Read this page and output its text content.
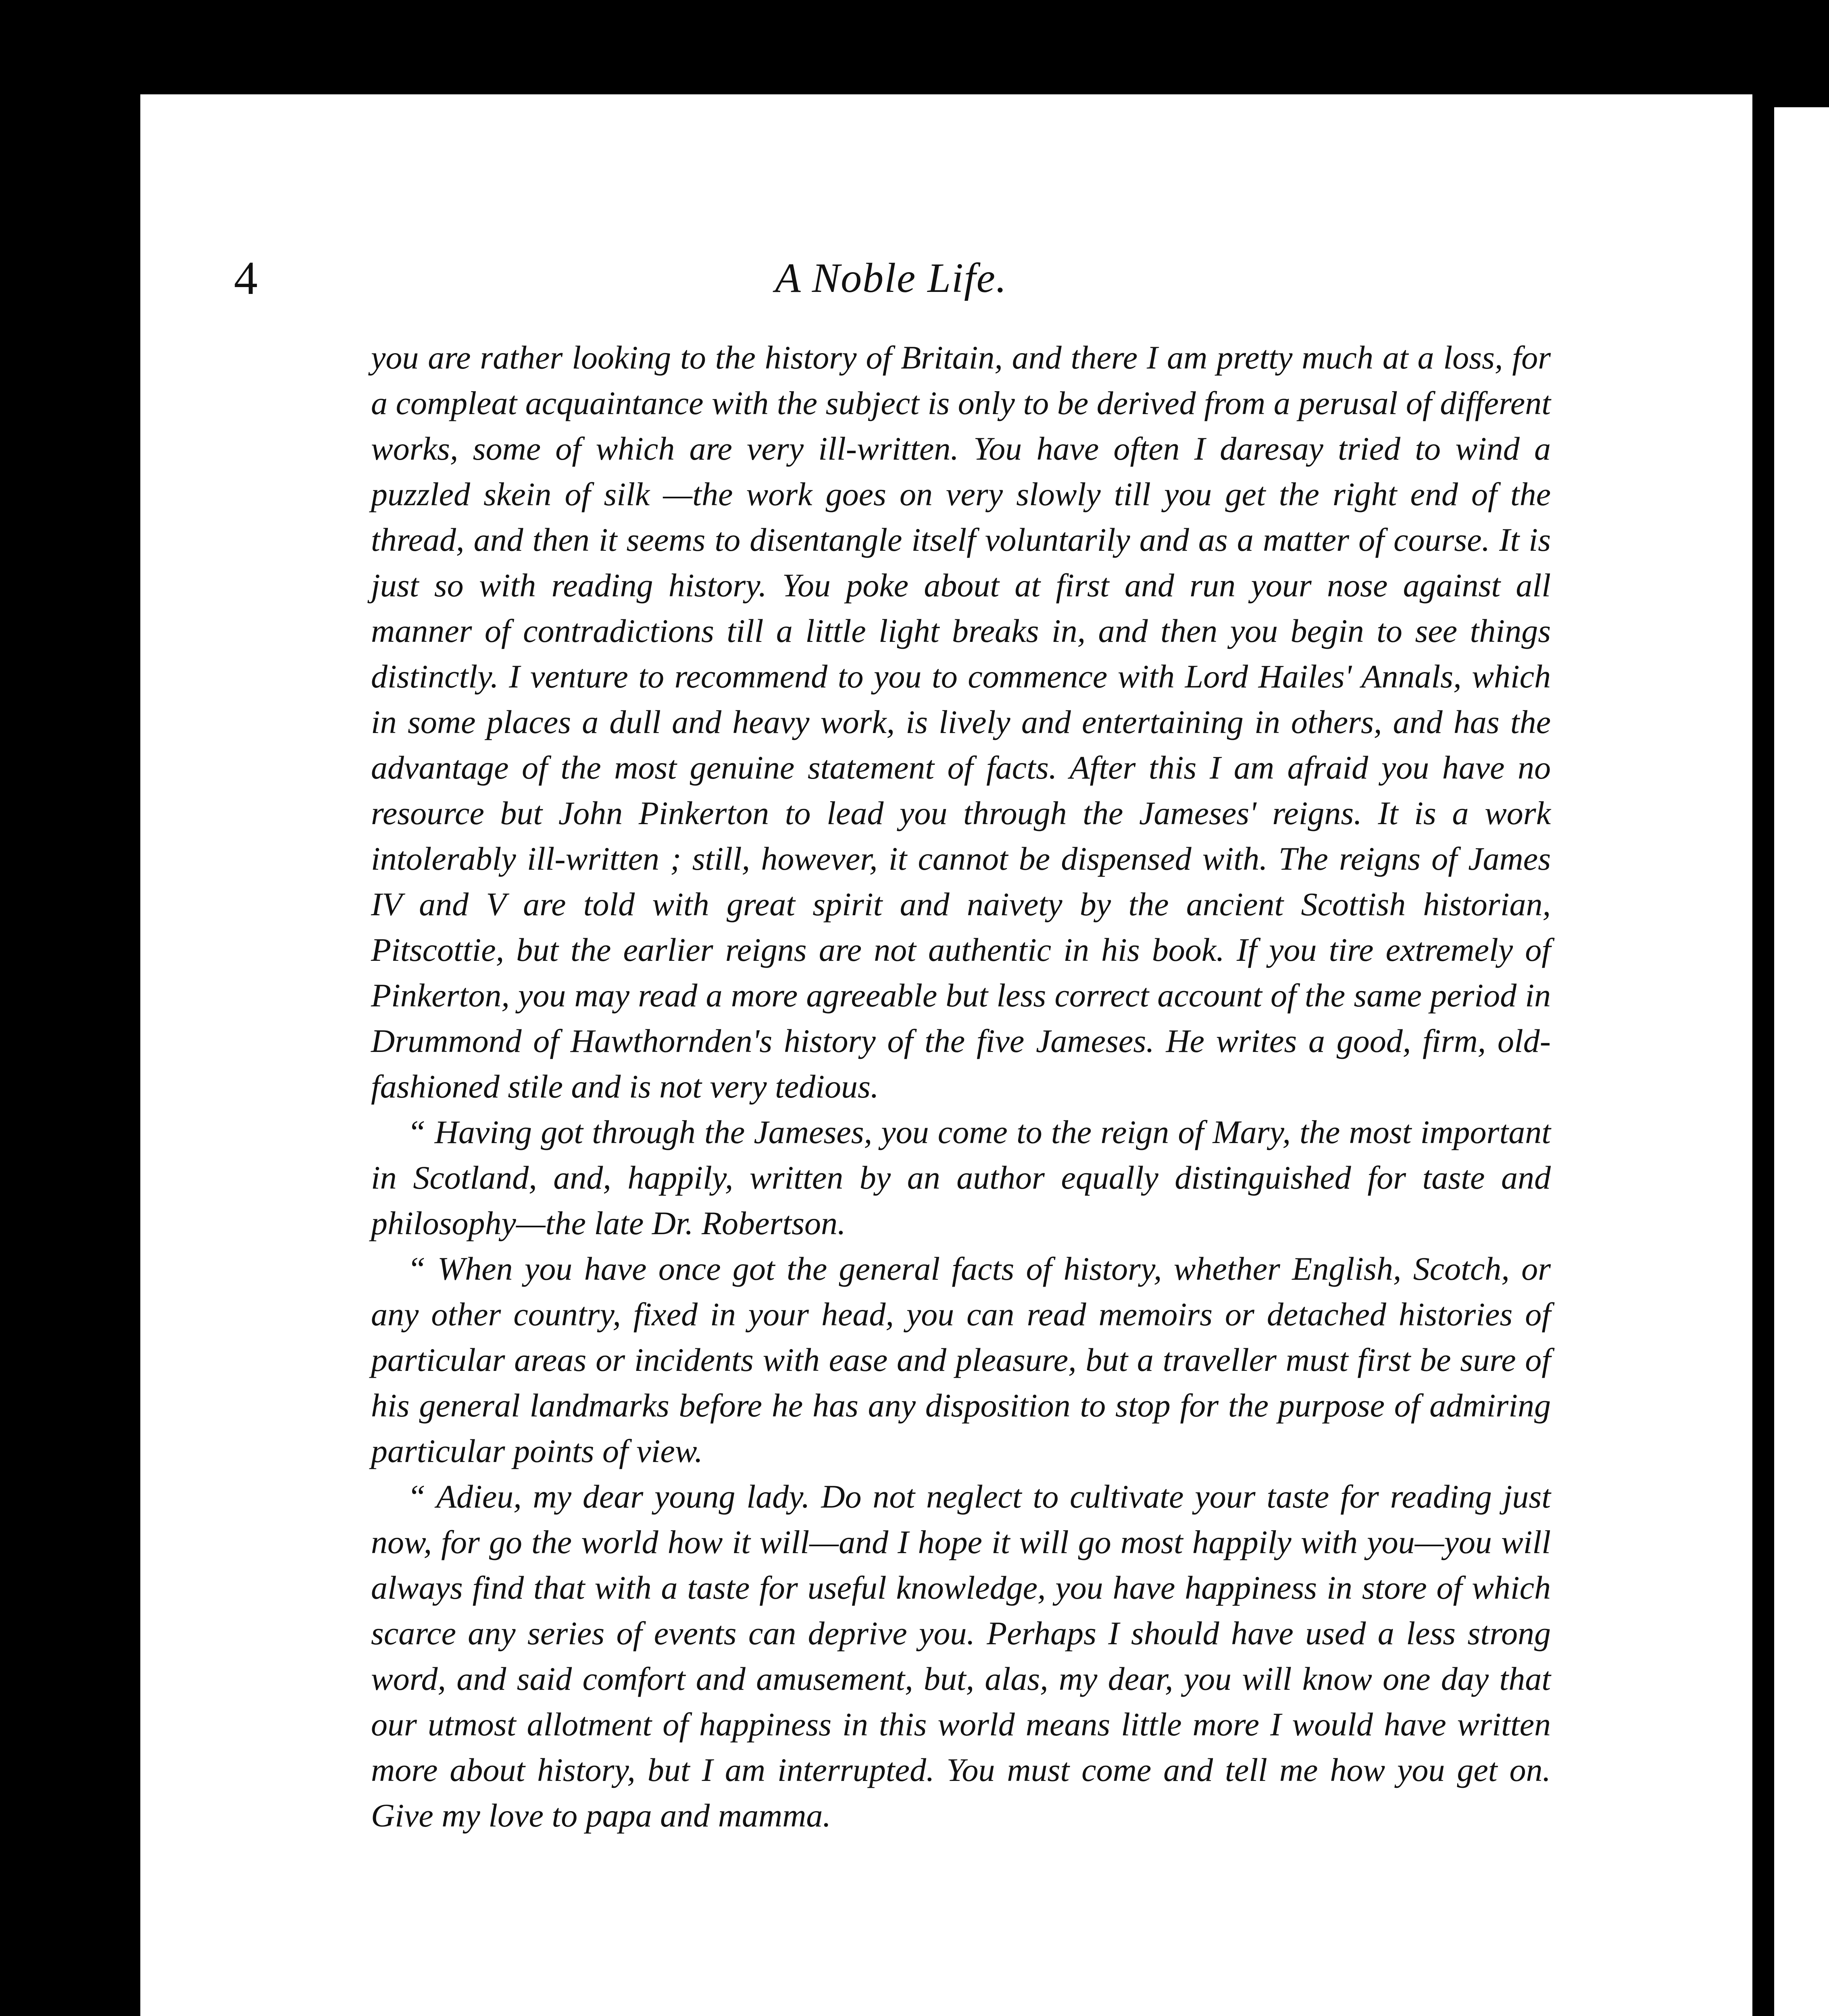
4	A Noble Life.

you are rather looking to the history of Britain, and there I am pretty much at a loss, for a compleat acquaintance with the subject is only to be derived from a perusal of different works, some of which are very ill-written. You have often I daresay tried to wind a puzzled skein of silk —the work goes on very slowly till you get the right end of the thread, and then it seems to disentangle itself voluntarily and as a matter of course. It is just so with reading history. You poke about at first and run your nose against all manner of contradictions till a little light breaks in, and then you begin to see things distinctly. I venture to recommend to you to commence with Lord Hailes' Annals, which in some places a dull and heavy work, is lively and entertaining in others, and has the advantage of the most genuine statement of facts. After this I am afraid you have no resource but John Pinkerton to lead you through the Jameses' reigns. It is a work intolerably ill-written ; still, however, it cannot be dispensed with. The reigns of James IV and V are told with great spirit and naivety by the ancient Scottish historian, Pitscottie, but the earlier reigns are not authentic in his book. If you tire extremely of Pinkerton, you may read a more agreeable but less correct account of the same period in Drummond of Hawthornden's history of the five Jameses. He writes a good, firm, old-fashioned stile and is not very tedious.

“ Having got through the Jameses, you come to the reign of Mary, the most important in Scotland, and, happily, written by an author equally distinguished for taste and philosophy—the late Dr. Robertson.

“ When you have once got the general facts of history, whether English, Scotch, or any other country, fixed in your head, you can read memoirs or detached histories of particular areas or incidents with ease and pleasure, but a traveller must first be sure of his general landmarks before he has any disposition to stop for the purpose of admiring particular points of view.

“ Adieu, my dear young lady. Do not neglect to cultivate your taste for reading just now, for go the world how it will—and I hope it will go most happily with you—you will always find that with a taste for useful knowledge, you have happiness in store of which scarce any series of events can deprive you. Perhaps I should have used a less strong word, and said comfort and amusement, but, alas, my dear, you will know one day that our utmost allotment of happiness in this world means little more I would have written more about history, but I am interrupted. You must come and tell me how you get on. Give my love to papa and mamma.
